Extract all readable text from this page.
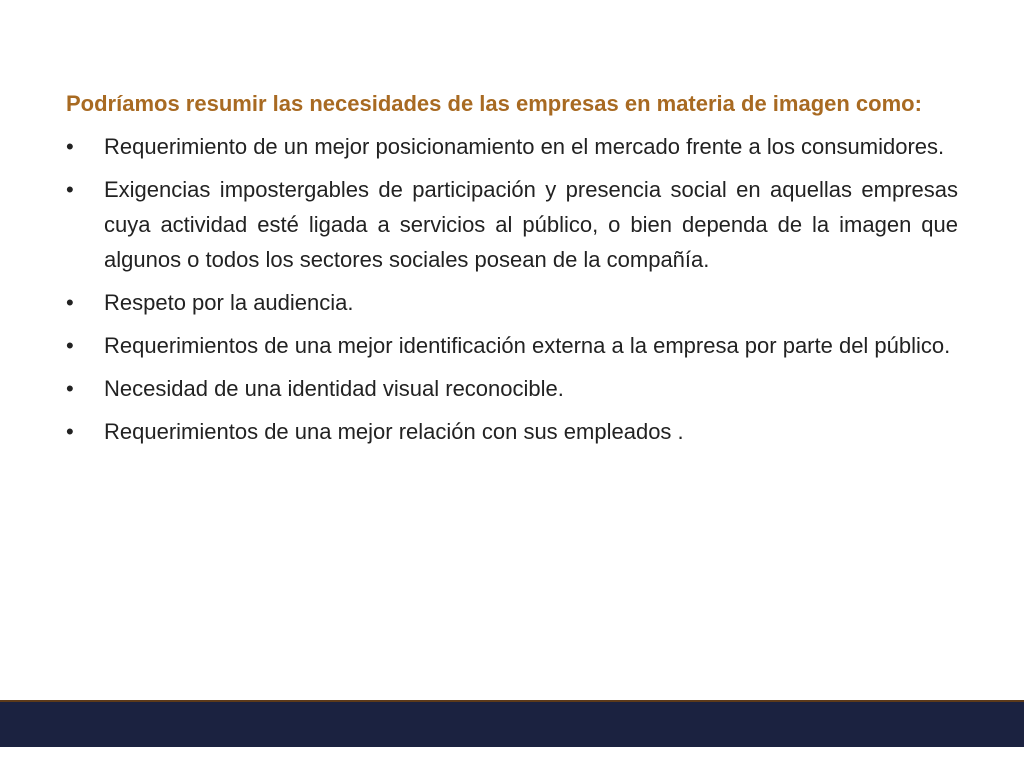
Podríamos resumir las necesidades de las empresas en materia de imagen como:

• Requerimiento de un mejor posicionamiento en el mercado frente a los consumidores.
• Exigencias impostergables de participación y presencia social en aquellas empresas cuya actividad esté ligada a servicios al público, o bien dependa de la imagen que algunos o todos los sectores sociales posean de la compañía.
• Respeto por la audiencia.
• Requerimientos de una mejor identificación externa a la empresa por parte del público.
• Necesidad de una identidad visual reconocible.
• Requerimientos de una mejor relación con sus empleados .
